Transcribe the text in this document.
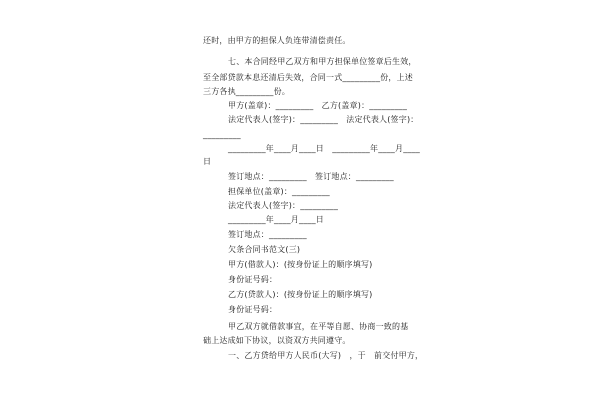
还时，由甲方的担保人负连带清偿责任。
七、本合同经甲乙双方和甲方担保单位签章后生效，
至全部贷款本息还清后失效，合同一式_________份，上述
三方各执_________份。
甲方(盖章)：_________　乙方(盖章)：_________
法定代表人(签字)：_________　法定代表人(签字)：
_________
_________年____月____日　_________年____月____
日
签订地点：_________　签订地点：_________
担保单位(盖章)：_________
法定代表人(签字)：_________
_________年____月____日
签订地点：_________
欠条合同书范文(三)
甲方(借款人)：(按身份证上的顺序填写)
身份证号码：
乙方(贷款人)：(按身份证上的顺序填写)
身份证号码：
甲乙双方就借款事宜，在平等自愿、协商一致的基
础上达成如下协议，以资双方共同遵守。
一、乙方贷给甲方人民币(大写)　，于　前交付甲方，
